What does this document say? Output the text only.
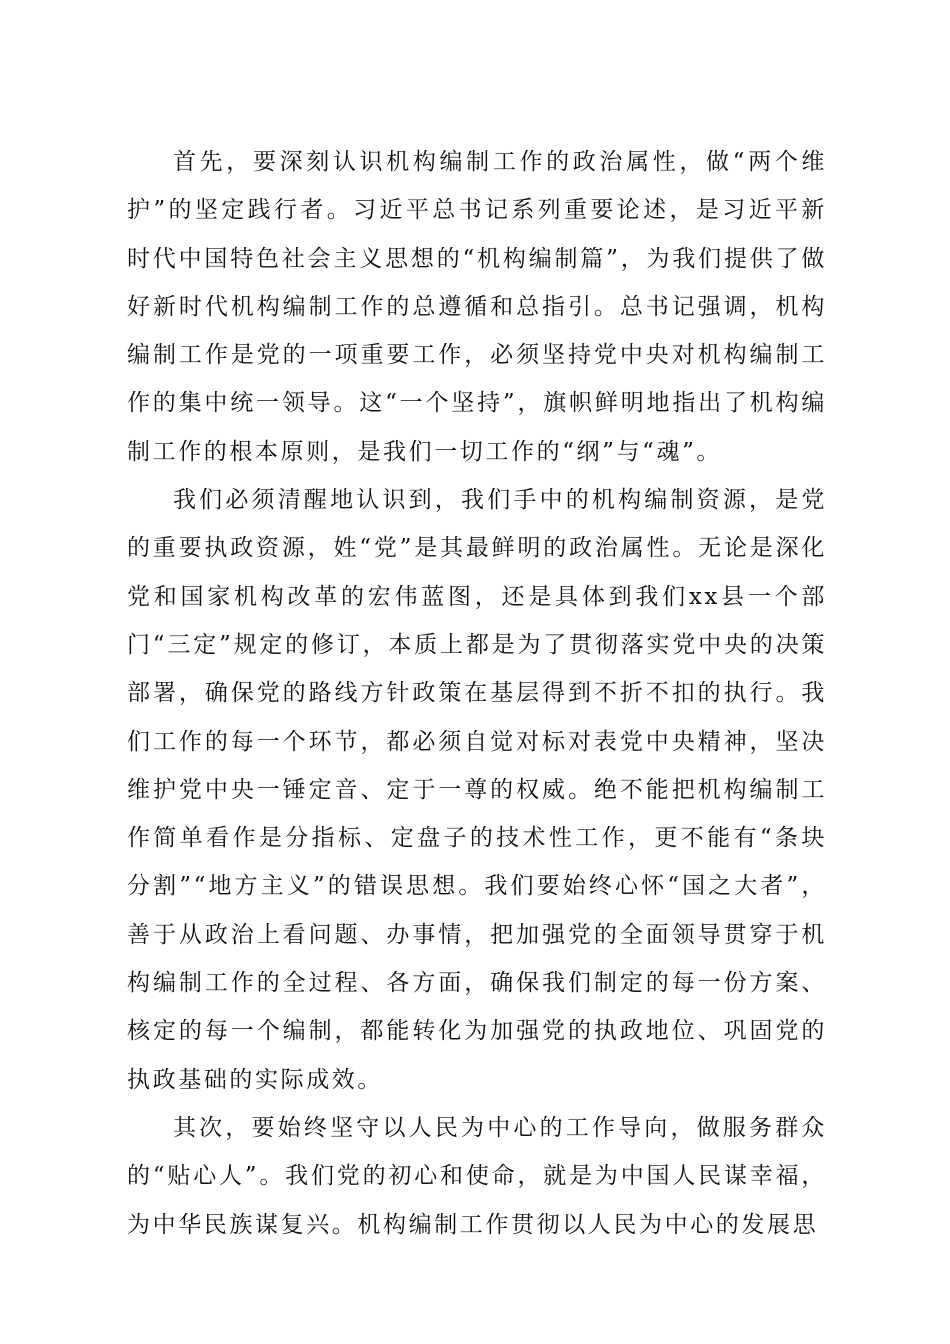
首先，要深刻认识机构编制工作的政治属性，做“两个维护”的坚定践行者。习近平总书记系列重要论述，是习近平新时代中国特色社会主义思想的“机构编制篇”，为我们提供了做好新时代机构编制工作的总遵循和总指引。总书记强调，机构编制工作是党的一项重要工作，必须坚持党中央对机构编制工作的集中统一领导。这“一个坚持”，旗帜鲜明地指出了机构编制工作的根本原则，是我们一切工作的“纲”与“魂”。

我们必须清醒地认识到，我们手中的机构编制资源，是党的重要执政资源，姓“党”是其最鲜明的政治属性。无论是深化党和国家机构改革的宏伟蓝图，还是具体到我们xx县一个部门“三定”规定的修订，本质上都是为了贯彻落实党中央的决策部署，确保党的路线方针政策在基层得到不折不扣的执行。我们工作的每一个环节，都必须自觉对标对表党中央精神，坚决维护党中央一锤定音、定于一尊的权威。绝不能把机构编制工作简单看作是分指标、定盘子的技术性工作，更不能有“条块分割”“地方主义”的错误思想。我们要始终心怀“国之大者”，善于从政治上看问题、办事情，把加强党的全面领导贯穿于机构编制工作的全过程、各方面，确保我们制定的每一份方案、核定的每一个编制，都能转化为加强党的执政地位、巩固党的执政基础的实际成效。

其次，要始终坚守以人民为中心的工作导向，做服务群众的“贴心人”。我们党的初心和使命，就是为中国人民谋幸福，为中华民族谋复兴。机构编制工作贯彻以人民为中心的发展思
